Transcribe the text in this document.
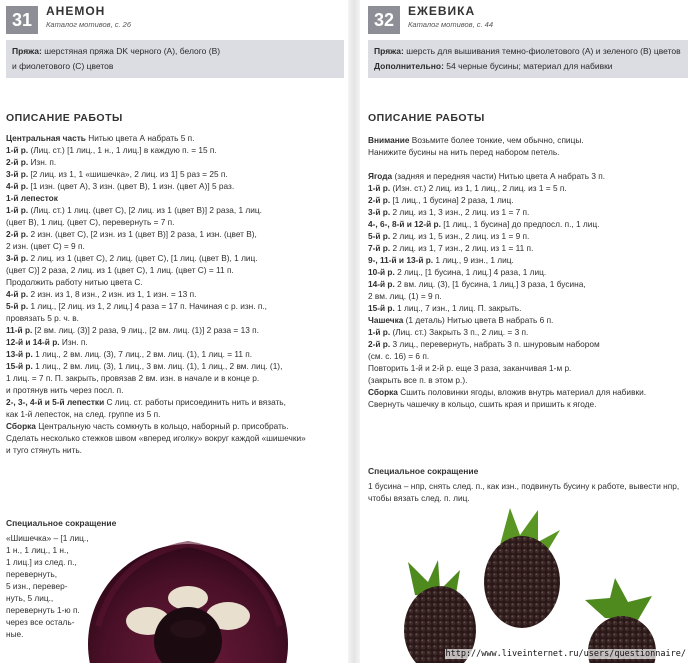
31	АНЕМОН
Каталог мотивов, с. 26
Пряжа: шерстяная пряжа DK черного (А), белого (В)
и фиолетового (С) цветов
ОПИСАНИЕ РАБОТЫ
Центральная часть Нитью цвета А набрать 5 п.
1-й р. (Лиц. ст.) [1 лиц., 1 н., 1 лиц.] в каждую п. = 15 п.
2-й р. Изн. п.
3-й р. [2 лиц. из 1, 1 «шишечка», 2 лиц. из 1] 5 раз = 25 п.
4-й р. [1 изн. (цвет А), 3 изн. (цвет В), 1 изн. (цвет А)] 5 раз.
1-й лепесток
1-й р. (Лиц. ст.) 1 лиц. (цвет С), [2 лиц. из 1 (цвет В)] 2 раза, 1 лиц.
(цвет В), 1 лиц. (цвет С), перевернуть = 7 п.
2-й р. 2 изн. (цвет С), [2 изн. из 1 (цвет В)] 2 раза, 1 изн. (цвет В),
2 изн. (цвет С) = 9 п.
3-й р. 2 лиц. из 1 (цвет С), 2 лиц. (цвет С), [1 лиц. (цвет В), 1 лиц.
(цвет С)] 2 раза, 2 лиц. из 1 (цвет С), 1 лиц. (цвет С) = 11 п.
Продолжить работу нитью цвета С.
4-й р. 2 изн. из 1, 8 изн., 2 изн. из 1, 1 изн. = 13 п.
5-й р. 1 лиц., [2 лиц. из 1, 2 лиц.] 4 раза = 17 п. Начиная с р. изн. п.,
провязать 5 р. ч. в.
11-й р. [2 вм. лиц. (3)] 2 раза, 9 лиц., [2 вм. лиц. (1)] 2 раза = 13 п.
12-й и 14-й р. Изн. п.
13-й р. 1 лиц., 2 вм. лиц. (3), 7 лиц., 2 вм. лиц. (1), 1 лиц. = 11 п.
15-й р. 1 лиц., 2 вм. лиц. (3), 1 лиц., 3 вм. лиц. (1), 1 лиц., 2 вм. лиц. (1),
1 лиц. = 7 п. П. закрыть, провязав 2 вм. изн. в начале и в конце р.
и протянув нить через посл. п.
2-, 3-, 4-й и 5-й лепестки С лиц. ст. работы присоединить нить и вязать,
как 1-й лепесток, на след. группе из 5 п.
Сборка Центральную часть сомкнуть в кольцо, наборный р. присобрать.
Сделать несколько стежков швом «вперед иголку» вокруг каждой «шишечки»
и туго стянуть нить.
Специальное сокращение
«Шишечка» – [1 лиц.,
1 н., 1 лиц., 1 н.,
1 лиц.] из след. п.,
перевернуть,
5 изн., перевер-
нуть, 5 лиц.,
перевернуть 1-ю п.
через все осталь-
ные.
32	ЕЖЕВИКА
Каталог мотивов, с. 44
Пряжа: шерсть для вышивания темно-фиолетового (А) и зеленого (В) цветов
Дополнительно: 54 черные бусины; материал для набивки
ОПИСАНИЕ РАБОТЫ
Внимание Возьмите более тонкие, чем обычно, спицы.
Нанижите бусины на нить перед набором петель.
Ягода (задняя и передняя части) Нитью цвета А набрать 3 п.
1-й р. (Изн. ст.) 2 лиц. из 1, 1 лиц., 2 лиц. из 1 = 5 п.
2-й р. [1 лиц., 1 бусина] 2 раза, 1 лиц.
3-й р. 2 лиц. из 1, 3 изн., 2 лиц. из 1 = 7 п.
4-, 6-, 8-й и 12-й р. [1 лиц., 1 бусина] до предпосл. п., 1 лиц.
5-й р. 2 лиц. из 1, 5 изн., 2 лиц. из 1 = 9 п.
7-й р. 2 лиц. из 1, 7 изн., 2 лиц. из 1 = 11 п.
9-, 11-й и 13-й р. 1 лиц., 9 изн., 1 лиц.
10-й р. 2 лиц., [1 бусина, 1 лиц.] 4 раза, 1 лиц.
14-й р. 2 вм. лиц. (3), [1 бусина, 1 лиц.] 3 раза, 1 бусина,
2 вм. лиц. (1) = 9 п.
15-й р. 1 лиц., 7 изн., 1 лиц. П. закрыть.
Чашечка (1 деталь) Нитью цвета В набрать 6 п.
1-й р. (Лиц. ст.) Закрыть 3 п., 2 лиц. = 3 п.
2-й р. 3 лиц., перевернуть, набрать 3 п. шнуровым набором
(см. с. 16) = 6 п.
Повторить 1-й и 2-й р. еще 3 раза, заканчивая 1-м р.
(закрыть все п. в этом р.).
Сборка Сшить половинки ягоды, вложив внутрь материал для набивки.
Свернуть чашечку в кольцо, сшить края и пришить к ягоде.
Специальное сокращение
1 бусина – нпр, снять след. п., как изн., подвинуть бусину к работе, вывести нпр,
чтобы вязать след. п. лиц.
http://www.liveinternet.ru/users/questionnaire/
